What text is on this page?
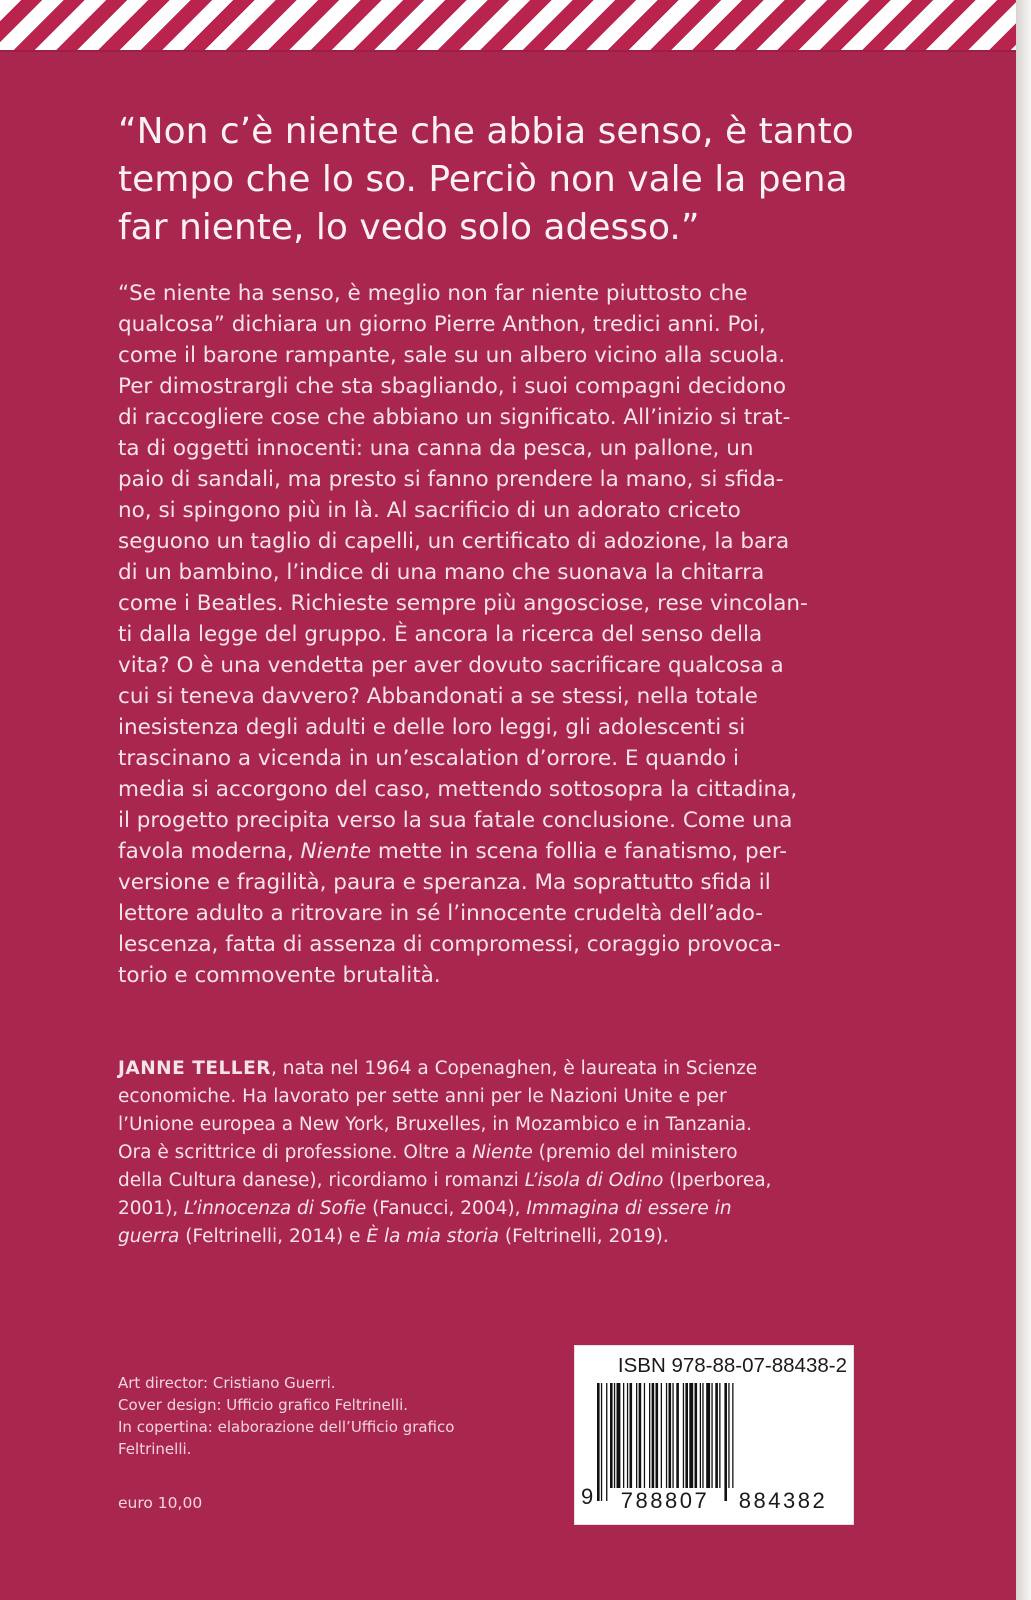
“Non c’è niente che abbia senso, è tanto
tempo che lo so. Perciò non vale la pena
far niente, lo vedo solo adesso.”
“Se niente ha senso, è meglio non far niente piuttosto che
qualcosa” dichiara un giorno Pierre Anthon, tredici anni. Poi,
come il barone rampante, sale su un albero vicino alla scuola.
Per dimostrargli che sta sbagliando, i suoi compagni decidono
di raccogliere cose che abbiano un significato. All’inizio si trat-
ta di oggetti innocenti: una canna da pesca, un pallone, un
paio di sandali, ma presto si fanno prendere la mano, si sfida-
no, si spingono più in là. Al sacrificio di un adorato criceto
seguono un taglio di capelli, un certificato di adozione, la bara
di un bambino, l’indice di una mano che suonava la chitarra
come i Beatles. Richieste sempre più angosciose, rese vincolan-
ti dalla legge del gruppo. È ancora la ricerca del senso della
vita? O è una vendetta per aver dovuto sacrificare qualcosa a
cui si teneva davvero? Abbandonati a se stessi, nella totale
inesistenza degli adulti e delle loro leggi, gli adolescenti si
trascinano a vicenda in un’escalation d’orrore. E quando i
media si accorgono del caso, mettendo sottosopra la cittadina,
il progetto precipita verso la sua fatale conclusione. Come una
favola moderna, Niente mette in scena follia e fanatismo, per-
versione e fragilità, paura e speranza. Ma soprattutto sfida il
lettore adulto a ritrovare in sé l’innocente crudeltà dell’ado-
lescenza, fatta di assenza di compromessi, coraggio provoca-
torio e commovente brutalità.
JANNE TELLER, nata nel 1964 a Copenaghen, è laureata in Scienze
economiche. Ha lavorato per sette anni per le Nazioni Unite e per
l’Unione europea a New York, Bruxelles, in Mozambico e in Tanzania.
Ora è scrittrice di professione. Oltre a Niente (premio del ministero
della Cultura danese), ricordiamo i romanzi L’isola di Odino (Iperborea,
2001), L’innocenza di Sofie (Fanucci, 2004), Immagina di essere in
guerra (Feltrinelli, 2014) e È la mia storia (Feltrinelli, 2019).
Art director: Cristiano Guerri.
Cover design: Ufficio grafico Feltrinelli.
In copertina: elaborazione dell’Ufficio grafico
Feltrinelli.
euro 10,00
ISBN 978-88-07-88438-2
9	788807	884382
